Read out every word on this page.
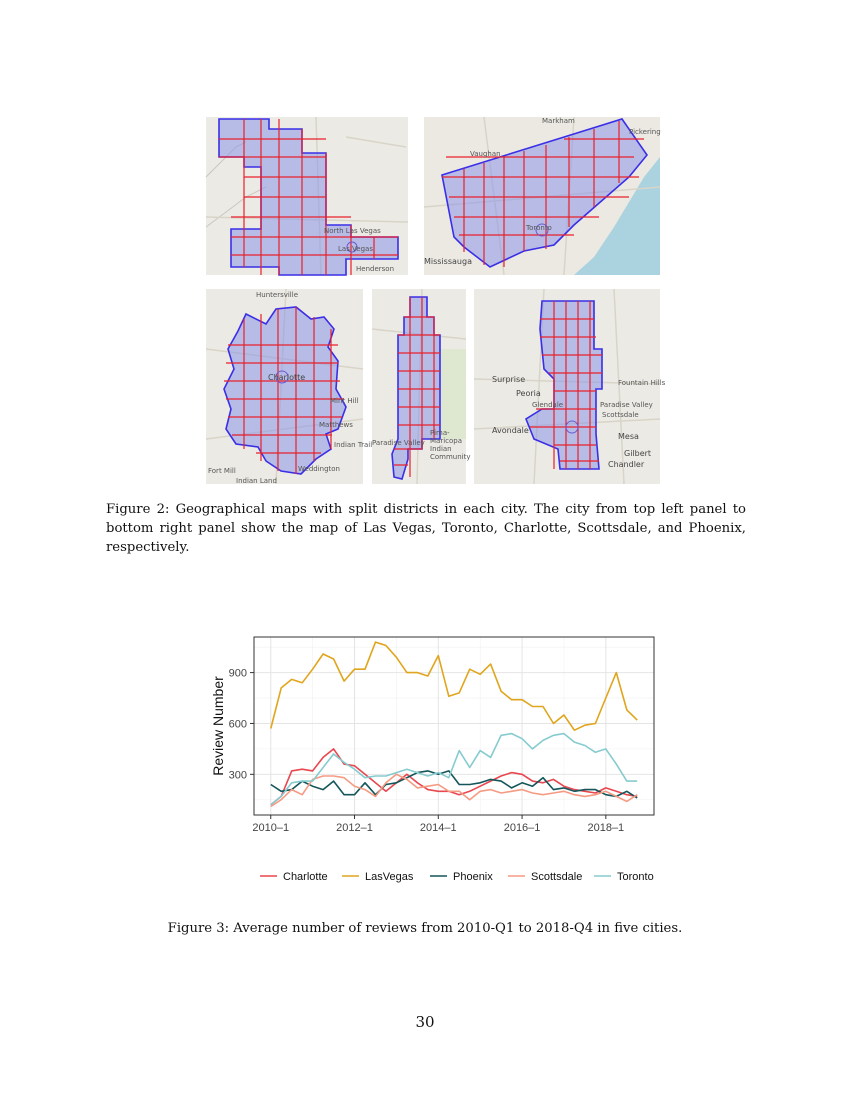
North Las Vegas
Las Vegas
Henderson
Markham
Vaughan
Pickering
Toronto
Mississauga
Huntersville
Charlotte
Mint Hill
Matthews
Indian Trail
Weddington
Fort Mill
Indian Land
Paradise Valley
Pima-Maricopa Indian Community
Surprise
Peoria
Glendale	Paradise Valley
Scottsdale
Avondale
Mesa
Gilbert
Chandler
Fountain Hills
Figure 2: Geographical maps with split districts in each city. The city from top left panel to bottom right panel show the map of Las Vegas, Toronto, Charlotte, Scottsdale, and Phoenix, respectively.
2010–1	2012–1	2014–1	2016–1	2018–1
300
600
900
Review Number
Charlotte	LasVegas	Phoenix	Scottsdale	Toronto
Figure 3: Average number of reviews from 2010-Q1 to 2018-Q4 in five cities.
30
